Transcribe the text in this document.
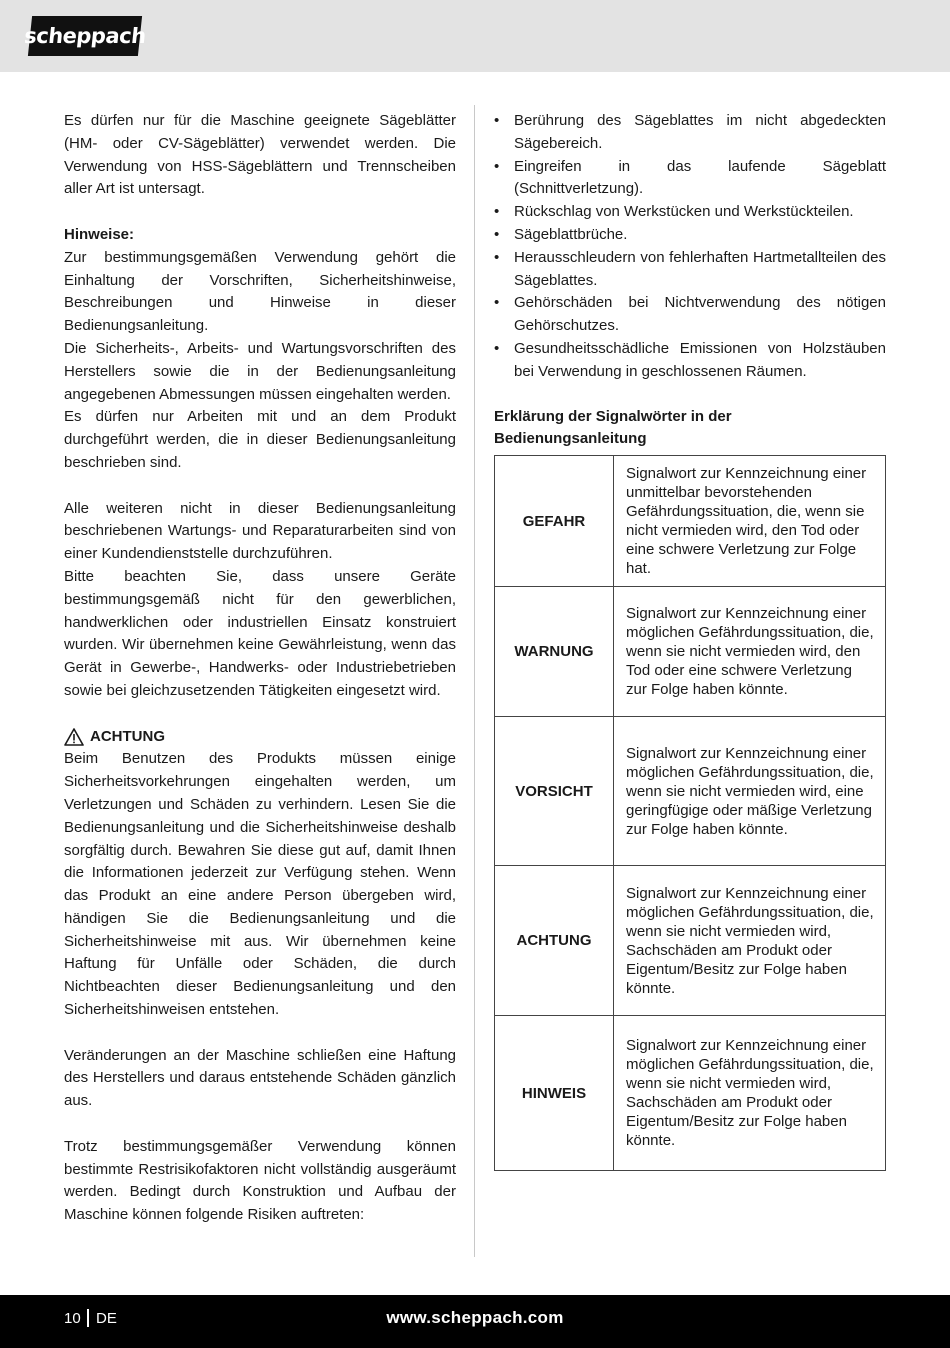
scheppach

Es dürfen nur für die Maschine geeignete Sägeblätter (HM- oder CV-Sägeblätter) verwendet werden. Die Verwendung von HSS-Sägeblättern und Trennscheiben aller Art ist untersagt.

Hinweise:

Zur bestimmungsgemäßen Verwendung gehört die Einhaltung der Vorschriften, Sicherheitshinweise, Beschreibungen und Hinweise in dieser Bedienungsanleitung.

Die Sicherheits-, Arbeits- und Wartungsvorschriften des Herstellers sowie die in der Bedienungsanleitung angegebenen Abmessungen müssen eingehalten werden.

Es dürfen nur Arbeiten mit und an dem Produkt durchgeführt werden, die in dieser Bedienungsanleitung beschrieben sind.

Alle weiteren nicht in dieser Bedienungsanleitung beschriebenen Wartungs- und Reparaturarbeiten sind von einer Kundendienststelle durchzuführen.

Bitte beachten Sie, dass unsere Geräte bestimmungsgemäß nicht für den gewerblichen, handwerklichen oder industriellen Einsatz konstruiert wurden. Wir übernehmen keine Gewährleistung, wenn das Gerät in Gewerbe-, Handwerks- oder Industriebetrieben sowie bei gleichzusetzenden Tätigkeiten eingesetzt wird.

ACHTUNG

Beim Benutzen des Produkts müssen einige Sicherheitsvorkehrungen eingehalten werden, um Verletzungen und Schäden zu verhindern. Lesen Sie die Bedienungsanleitung und die Sicherheitshinweise deshalb sorgfältig durch. Bewahren Sie diese gut auf, damit Ihnen die Informationen jederzeit zur Verfügung stehen. Wenn das Produkt an eine andere Person übergeben wird, händigen Sie die Bedienungsanleitung und die Sicherheitshinweise mit aus. Wir übernehmen keine Haftung für Unfälle oder Schäden, die durch Nichtbeachten dieser Bedienungsanleitung und den Sicherheitshinweisen entstehen.

Veränderungen an der Maschine schließen eine Haftung des Herstellers und daraus entstehende Schäden gänzlich aus.

Trotz bestimmungsgemäßer Verwendung können bestimmte Restrisikofaktoren nicht vollständig ausgeräumt werden. Bedingt durch Konstruktion und Aufbau der Maschine können folgende Risiken auftreten:

• Berührung des Sägeblattes im nicht abgedeckten Sägebereich.
• Eingreifen in das laufende Sägeblatt (Schnittverletzung).
• Rückschlag von Werkstücken und Werkstückteilen.
• Sägeblattbrüche.
• Herausschleudern von fehlerhaften Hartmetallteilen des Sägeblattes.
• Gehörschäden bei Nichtverwendung des nötigen Gehörschutzes.
• Gesundheitsschädliche Emissionen von Holzstäuben bei Verwendung in geschlossenen Räumen.

Erklärung der Signalwörter in der Bedienungsanleitung

GEFAHR	Signalwort zur Kennzeichnung einer unmittelbar bevorstehenden Gefährdungssituation, die, wenn sie nicht vermieden wird, den Tod oder eine schwere Verletzung zur Folge hat.
WARNUNG	Signalwort zur Kennzeichnung einer möglichen Gefährdungssituation, die, wenn sie nicht vermieden wird, den Tod oder eine schwere Verletzung zur Folge haben könnte.
VORSICHT	Signalwort zur Kennzeichnung einer möglichen Gefährdungssituation, die, wenn sie nicht vermieden wird, eine geringfügige oder mäßige Verletzung zur Folge haben könnte.
ACHTUNG	Signalwort zur Kennzeichnung einer möglichen Gefährdungssituation, die, wenn sie nicht vermieden wird, Sachschäden am Produkt oder Eigentum/Besitz zur Folge haben könnte.
HINWEIS	Signalwort zur Kennzeichnung einer möglichen Gefährdungssituation, die, wenn sie nicht vermieden wird, Sachschäden am Produkt oder Eigentum/Besitz zur Folge haben könnte.
10 DE	www.scheppach.com
